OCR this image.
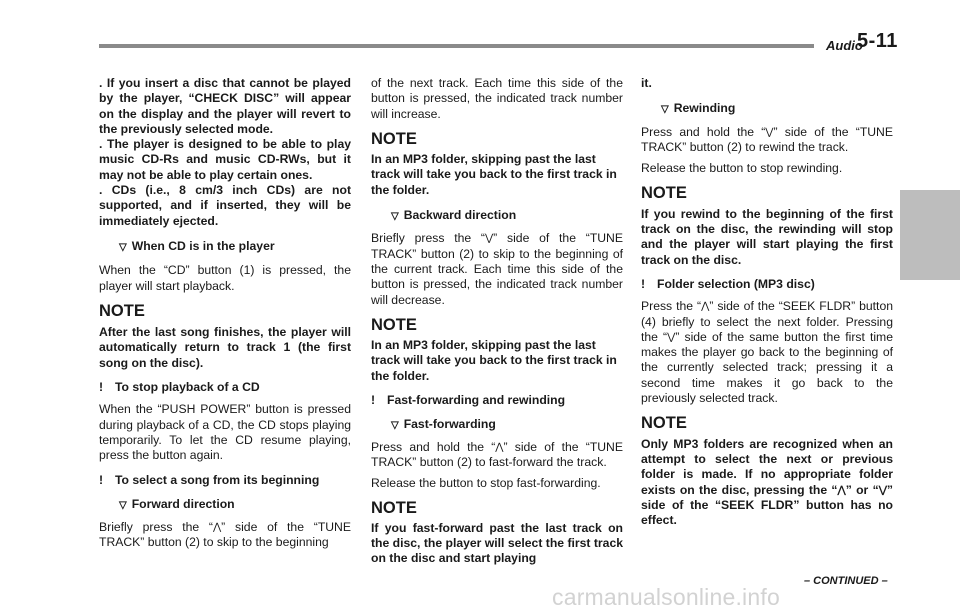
Audio
5-11

. If you insert a disc that cannot be played by the player, “CHECK DISC” will appear on the display and the player will revert to the previously selected mode.

. The player is designed to be able to play music CD-Rs and music CD-RWs, but it may not be able to play certain ones.

. CDs (i.e., 8 cm/3 inch CDs) are not supported, and if inserted, they will be immediately ejected.

▽ When CD is in the player

When the “CD” button (1) is pressed, the player will start playback.

NOTE

After the last song finishes, the player will automatically return to track 1 (the first song on the disc).

! To stop playback of a CD

When the “PUSH POWER” button is pressed during playback of a CD, the CD stops playing temporarily. To let the CD resume playing, press the button again.

! To select a song from its beginning

▽ Forward direction

Briefly press the “⋀” side of the “TUNE TRACK” button (2) to skip to the beginning

of the next track. Each time this side of the button is pressed, the indicated track number will increase.

NOTE

In an MP3 folder, skipping past the last track will take you back to the first track in the folder.

▽ Backward direction

Briefly press the “⋁” side of the “TUNE TRACK” button (2) to skip to the beginning of the current track. Each time this side of the button is pressed, the indicated track number will decrease.

NOTE

In an MP3 folder, skipping past the last track will take you back to the first track in the folder.

! Fast-forwarding and rewinding

▽ Fast-forwarding

Press and hold the “⋀” side of the “TUNE TRACK” button (2) to fast-forward the track.

Release the button to stop fast-forwarding.

NOTE

If you fast-forward past the last track on the disc, the player will select the first track on the disc and start playing

it.

▽ Rewinding

Press and hold the “⋁” side of the “TUNE TRACK” button (2) to rewind the track.

Release the button to stop rewinding.

NOTE

If you rewind to the beginning of the first track on the disc, the rewinding will stop and the player will start playing the first track on the disc.

! Folder selection (MP3 disc)

Press the “⋀” side of the “SEEK FLDR” button (4) briefly to select the next folder. Pressing the “⋁” side of the same button the first time makes the player go back to the beginning of the currently selected track; pressing it a second time makes it go back to the previously selected track.

NOTE

Only MP3 folders are recognized when an attempt to select the next or previous folder is made. If no appropriate folder exists on the disc, pressing the “⋀” or “⋁” side of the “SEEK FLDR” button has no effect.

– CONTINUED –
carmanualsonline.info
